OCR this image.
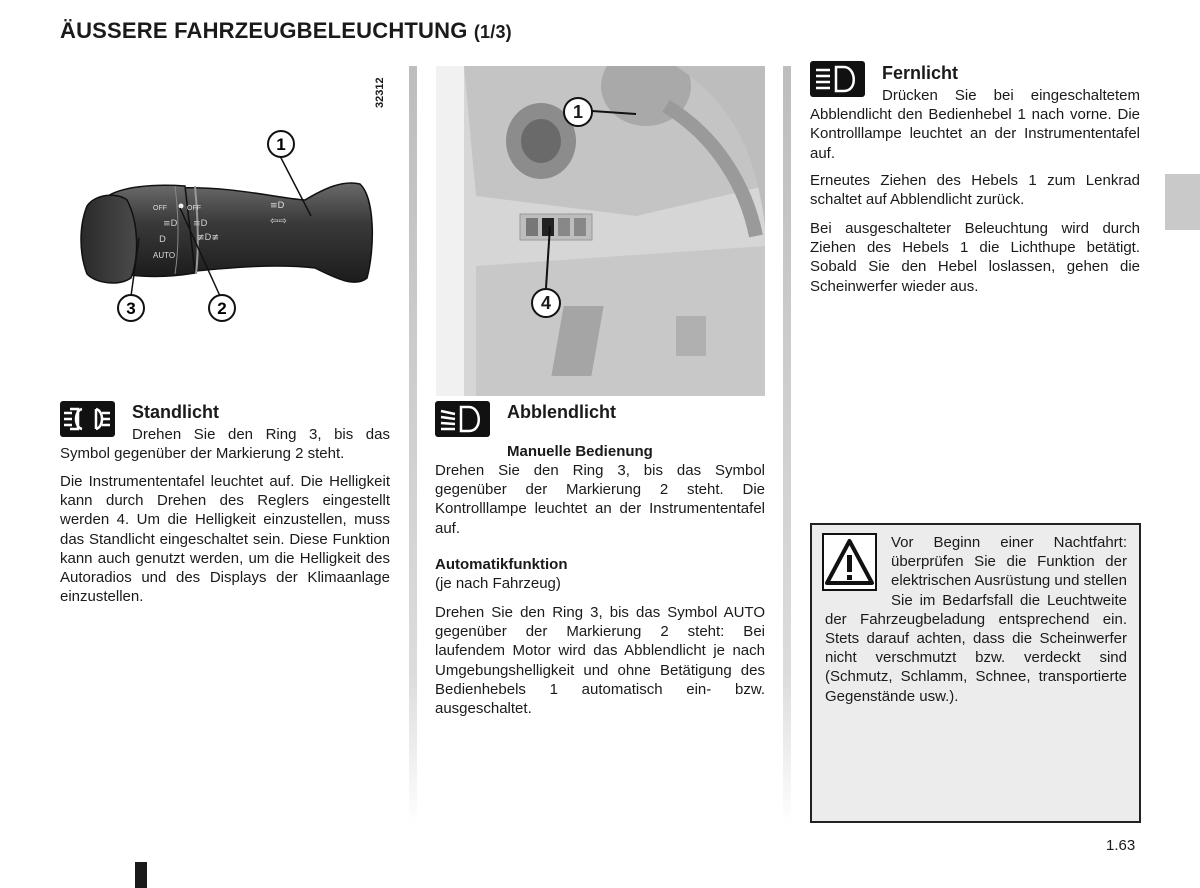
ÄUSSERE FAHRZEUGBELEUCHTUNG (1/3)
32312
OFF	OFF
AUTO
≡D ≡D
≢D≢
D
≡D
⇦⇨
1
2
3
1
4
Standlicht
Drehen Sie den Ring 3, bis das Symbol gegenüber der Markierung 2 steht.
Die Instrumententafel leuchtet auf. Die Helligkeit kann durch Drehen des Reglers eingestellt werden 4. Um die Helligkeit einzustellen, muss das Standlicht eingeschaltet sein. Diese Funktion kann auch genutzt werden, um die Helligkeit des Autoradios und des Displays der Klimaanlage einzustellen.
Abblendlicht
Manuelle Bedienung
Drehen Sie den Ring 3, bis das Symbol gegenüber der Markierung 2 steht. Die Kontrolllampe leuchtet an der Instrumententafel auf.
Automatikfunktion
(je nach Fahrzeug)
Drehen Sie den Ring 3, bis das Symbol AUTO gegenüber der Markierung 2 steht: Bei laufendem Motor wird das Abblendlicht je nach Umgebungshelligkeit und ohne Betätigung des Bedienhebels 1 automatisch ein- bzw. ausgeschaltet.
Fernlicht
Drücken Sie bei eingeschaltetem Abblendlicht den Bedienhebel 1 nach vorne. Die Kontrolllampe leuchtet an der Instrumententafel auf.
Erneutes Ziehen des Hebels 1 zum Lenkrad schaltet auf Abblendlicht zurück.
Bei ausgeschalteter Beleuchtung wird durch Ziehen des Hebels 1 die Lichthupe betätigt. Sobald Sie den Hebel loslassen, gehen die Scheinwerfer wieder aus.
Vor Beginn einer Nachtfahrt: überprüfen Sie die Funktion der elektrischen Ausrüstung und stellen Sie im Bedarfsfall die Leuchtweite der Fahrzeugbeladung entsprechend ein. Stets darauf achten, dass die Scheinwerfer nicht verschmutzt bzw. verdeckt sind (Schmutz, Schlamm, Schnee, transportierte Gegenstände usw.).
1.63
